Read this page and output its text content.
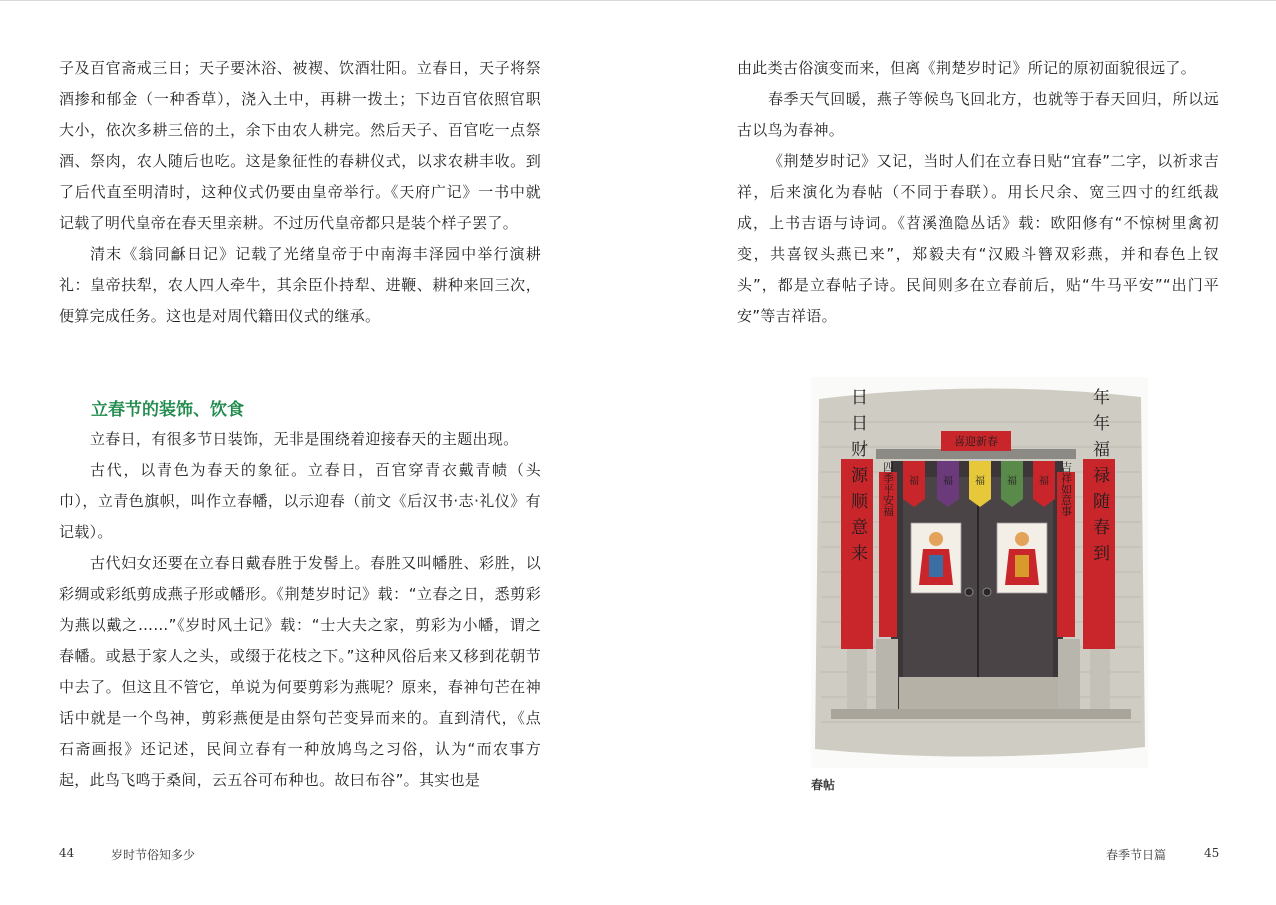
子及百官斋戒三日；天子要沐浴、被褉、饮酒壮阳。立春日，天子将祭酒掺和郁金（一种香草），浇入土中，再耕一拨土；下边百官依照官职大小，依次多耕三倍的土，余下由农人耕完。然后天子、百官吃一点祭酒、祭肉，农人随后也吃。这是象征性的春耕仪式，以求农耕丰收。到了后代直至明清时，这种仪式仍要由皇帝举行。《天府广记》一书中就记载了明代皇帝在春天里亲耕。不过历代皇帝都只是装个样子罢了。

清末《翁同龢日记》记载了光绪皇帝于中南海丰泽园中举行演耕礼：皇帝扶犁，农人四人牵牛，其余臣仆持犁、进鞭、耕种来回三次，便算完成任务。这也是对周代籍田仪式的继承。

立春节的装饰、饮食

立春日，有很多节日装饰，无非是围绕着迎接春天的主题出现。

古代，以青色为春天的象征。立春日，百官穿青衣戴青帻（头巾），立青色旗帜，叫作立春幡，以示迎春（前文《后汉书·志·礼仪》有记载）。

古代妇女还要在立春日戴春胜于发髻上。春胜又叫幡胜、彩胜，以彩绸或彩纸剪成燕子形或幡形。《荆楚岁时记》载：“立春之日，悉剪彩为燕以戴之……”《岁时风土记》载：“士大夫之家，剪彩为小幡，谓之春幡。或悬于家人之头，或缀于花枝之下。”这种风俗后来又移到花朝节中去了。但这且不管它，单说为何要剪彩为燕呢？原来，春神句芒在神话中就是一个鸟神，剪彩燕便是由祭句芒变异而来的。直到清代，《点石斋画报》还记述，民间立春有一种放鸠鸟之习俗，认为“而农事方起，此鸟飞鸣于桑间，云五谷可布种也。故曰布谷”。其实也是

44	岁时节俗知多少

由此类古俗演变而来，但离《荆楚岁时记》所记的原初面貌很远了。

春季天气回暖，燕子等候鸟飞回北方，也就等于春天回归，所以远古以鸟为春神。

《荆楚岁时记》又记，当时人们在立春日贴“宜春”二字，以祈求吉祥，后来演化为春帖（不同于春联）。用长尺余、宽三四寸的红纸裁成，上书吉语与诗词。《苕溪渔隐丛话》载：欧阳修有“不惊树里禽初变，共喜钗头燕已来”，郑毅夫有“汉殿斗簪双彩燕，并和春色上钗头”，都是立春帖子诗。民间则多在立春前后，贴“牛马平安”“出门平安”等吉祥语。

喜迎新春
福 福 福 福 福
四季平安福	吉祥如意事
日日财源顺意来	年年福禄随春到
春帖
春季节日篇	45
